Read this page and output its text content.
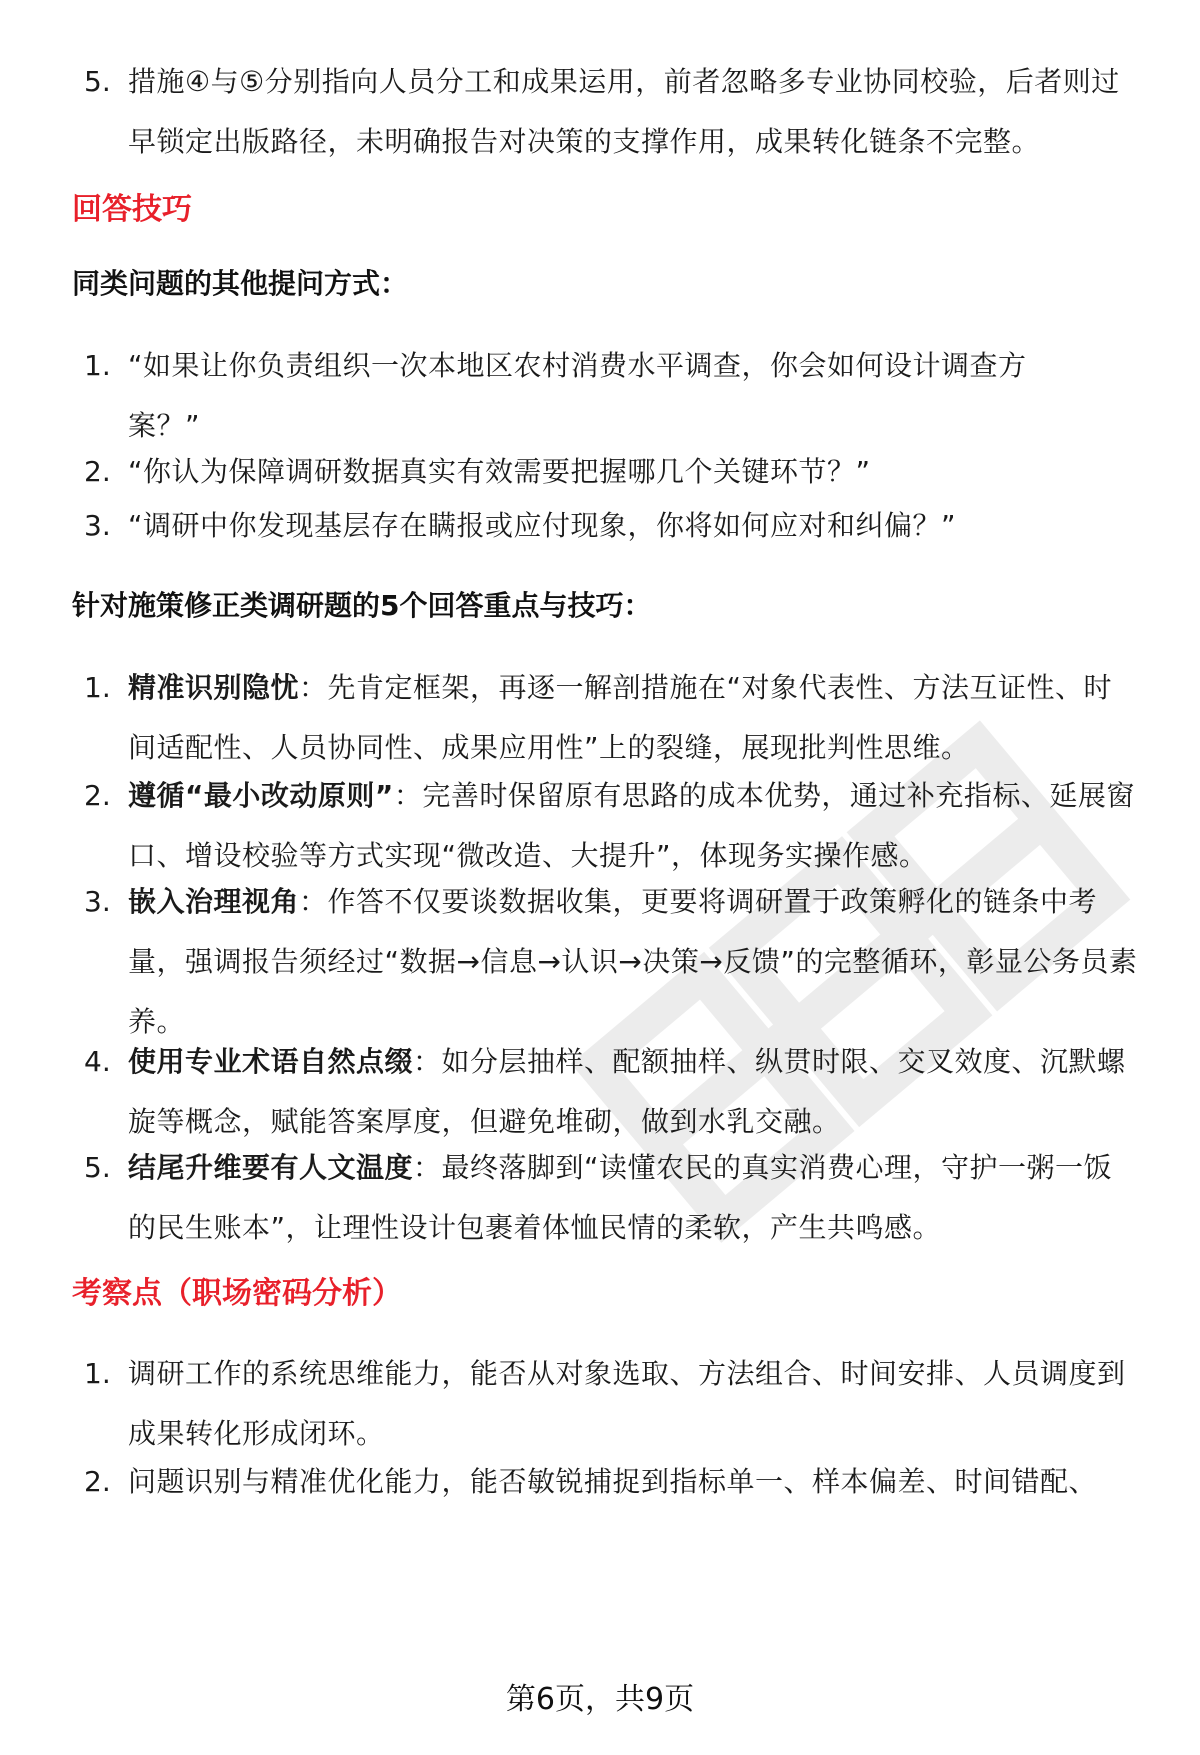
5. 措施④与⑤分别指向人员分工和成果运用，前者忽略多专业协同校验，后者则过早锁定出版路径，未明确报告对决策的支撑作用，成果转化链条不完整。
回答技巧
同类问题的其他提问方式：
1. “如果让你负责组织一次本地区农村消费水平调查，你会如何设计调查方案？”
2. “你认为保障调研数据真实有效需要把握哪几个关键环节？”
3. “调研中你发现基层存在瞒报或应付现象，你将如何应对和纠偏？”
针对施策修正类调研题的5个回答重点与技巧：
1. 精准识别隐忧：先肯定框架，再逐一解剖措施在“对象代表性、方法互证性、时间适配性、人员协同性、成果应用性”上的裂缝，展现批判性思维。
2. 遵循“最小改动原则”：完善时保留原有思路的成本优势，通过补充指标、延展窗口、增设校验等方式实现“微改造、大提升”，体现务实操作感。
3. 嵌入治理视角：作答不仅要谈数据收集，更要将调研置于政策孵化的链条中考量，强调报告须经过“数据→信息→认识→决策→反馈”的完整循环，彰显公务员素养。
4. 使用专业术语自然点缀：如分层抽样、配额抽样、纵贯时限、交叉效度、沉默螺旋等概念，赋能答案厚度，但避免堆砌，做到水乳交融。
5. 结尾升维要有人文温度：最终落脚到“读懂农民的真实消费心理，守护一粥一饭的民生账本”，让理性设计包裹着体恤民情的柔软，产生共鸣感。
考察点（职场密码分析）
1. 调研工作的系统思维能力，能否从对象选取、方法组合、时间安排、人员调度到成果转化形成闭环。
2. 问题识别与精准优化能力，能否敏锐捕捉到指标单一、样本偏差、时间错配、
第6页，共9页
